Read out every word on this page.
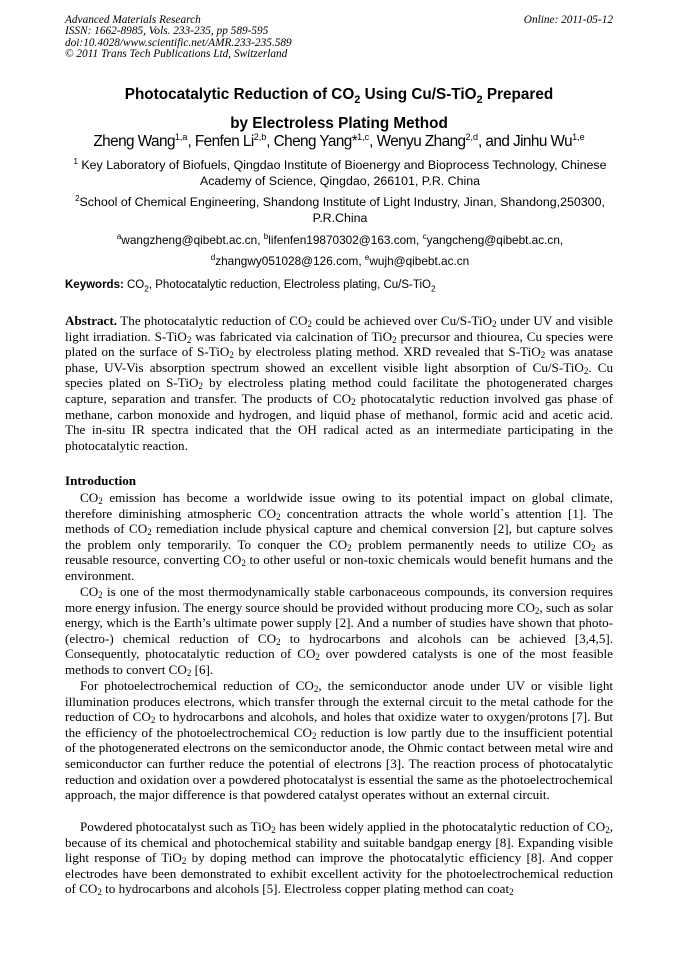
Advanced Materials Research
ISSN: 1662-8985, Vols. 233-235, pp 589-595
doi:10.4028/www.scientific.net/AMR.233-235.589
© 2011 Trans Tech Publications Ltd, Switzerland
Online: 2011-05-12
Photocatalytic Reduction of $CO_2$ Using Cu/S-TiO$_2$ Prepared
by Electroless Plating Method
Zheng Wang$^{1,a}$, Fenfen Li$^{2,b}$, Cheng Yang*$^{1,c}$, Wenyu Zhang$^{2,d}$, and Jinhu Wu$^{1,e}$
$^1$ Key Laboratory of Biofuels, Qingdao Institute of Bioenergy and Bioprocess Technology, Chinese Academy of Science, Qingdao, 266101, P.R. China
$^2$School of Chemical Engineering, Shandong Institute of Light Industry, Jinan, Shandong,250300, P.R.China
$^a$wangzheng@qibebt.ac.cn, $^b$lifenfen19870302@163.com, $^c$yangcheng@qibebt.ac.cn,
$^d$zhangwy051028@126.com, $^e$wujh@qibebt.ac.cn
Keywords: $CO_2$, Photocatalytic reduction, Electroless plating, Cu/S-TiO$_2$
Abstract. The photocatalytic reduction of $CO_2$ could be achieved over Cu/S-TiO$_2$ under UV and visible light irradiation. S-TiO$_2$ was fabricated via calcination of TiO$_2$ precursor and thiourea, Cu species were plated on the surface of S-TiO$_2$ by electroless plating method. XRD revealed that S-TiO$_2$ was anatase phase, UV-Vis absorption spectrum showed an excellent visible light absorption of Cu/S-TiO$_2$. Cu species plated on S-TiO$_2$ by electroless plating method could facilitate the photogenerated charges capture, separation and transfer. The products of $CO_2$ photocatalytic reduction involved gas phase of methane, carbon monoxide and hydrogen, and liquid phase of methanol, formic acid and acetic acid. The in-situ IR spectra indicated that the OH radical acted as an intermediate participating in the photocatalytic reaction.
Introduction
$CO_2$ emission has become a worldwide issue owing to its potential impact on global climate, therefore diminishing atmospheric $CO_2$ concentration attracts the whole world`s attention [1]. The methods of $CO_2$ remediation include physical capture and chemical conversion [2], but capture solves the problem only temporarily. To conquer the $CO_2$ problem permanently needs to utilize $CO_2$ as reusable resource, converting $CO_2$ to other useful or non-toxic chemicals would benefit humans and the environment.
$CO_2$ is one of the most thermodynamically stable carbonaceous compounds, its conversion requires more energy infusion. The energy source should be provided without producing more $CO_2$, such as solar energy, which is the Earth’s ultimate power supply [2]. And a number of studies have shown that photo- (electro-) chemical reduction of $CO_2$ to hydrocarbons and alcohols can be achieved [3,4,5]. Consequently, photocatalytic reduction of $CO_2$ over powdered catalysts is one of the most feasible methods to convert $CO_2$ [6].
For photoelectrochemical reduction of $CO_2$, the semiconductor anode under UV or visible light illumination produces electrons, which transfer through the external circuit to the metal cathode for the reduction of $CO_2$ to hydrocarbons and alcohols, and holes that oxidize water to oxygen/protons [7]. But the efficiency of the photoelectrochemical $CO_2$ reduction is low partly due to the insufficient potential of the photogenerated electrons on the semiconductor anode, the Ohmic contact between metal wire and semiconductor can further reduce the potential of electrons [3]. The reaction process of photocatalytic reduction and oxidation over a powdered photocatalyst is essential the same as the photoelectrochemical approach, the major difference is that powdered catalyst operates without an external circuit.
Powdered photocatalyst such as TiO$_2$ has been widely applied in the photocatalytic reduction of $CO_2$, because of its chemical and photochemical stability and suitable bandgap energy [8]. Expanding visible light response of TiO$_2$ by doping method can improve the photocatalytic efficiency [8]. And copper electrodes have been demonstrated to exhibit excellent activity for the photoelectrochemical reduction of $CO_2$ to hydrocarbons and alcohols [5]. Electroless copper plating method can coat$_2$
